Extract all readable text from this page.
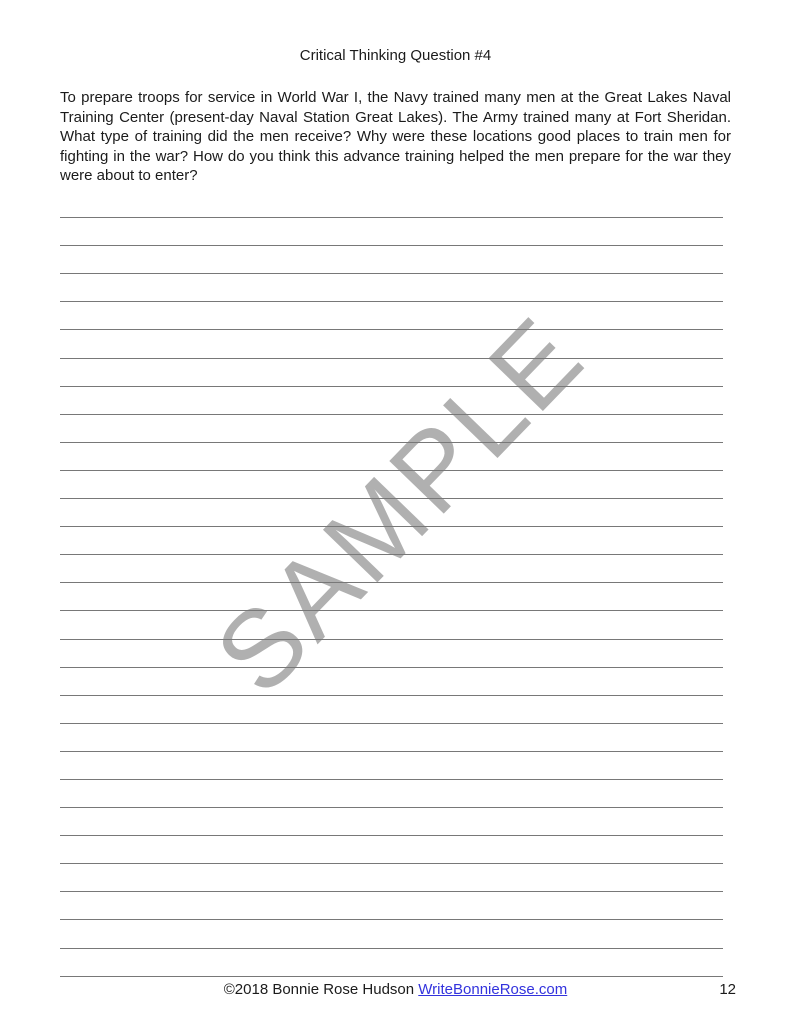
Critical Thinking Question #4

To prepare troops for service in World War I, the Navy trained many men at the Great Lakes Naval Training Center (present-day Naval Station Great Lakes). The Army trained many at Fort Sheridan. What type of training did the men receive? Why were these locations good places to train men for fighting in the war? How do you think this advance training helped the men prepare for the war they were about to enter?

SAMPLE
©2018 Bonnie Rose Hudson WriteBonnieRose.com	12
